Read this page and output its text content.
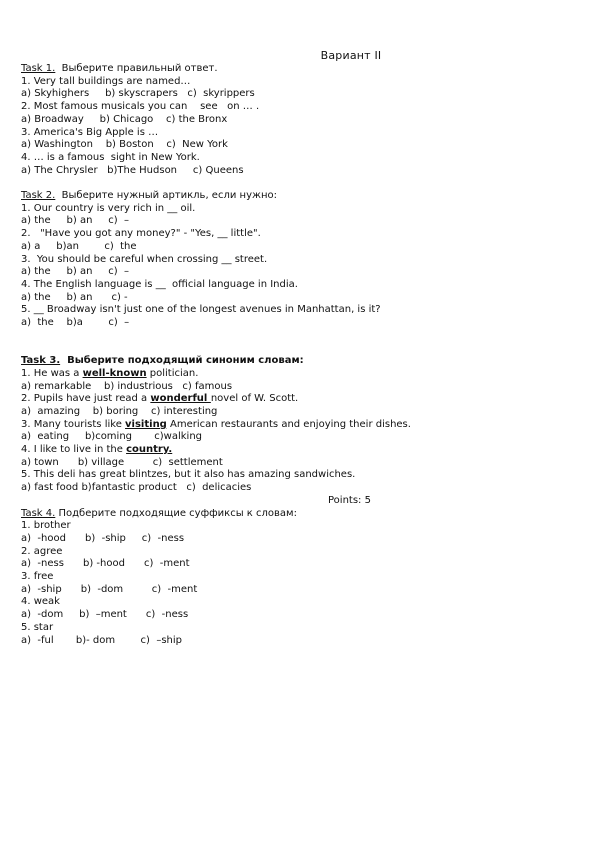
Вариант II
Task 1.  Выберите правильный ответ.
1. Very tall buildings are named…
a) Skyhighers     b) skyscrapers   c)  skyrippers
2. Most famous musicals you can    see   on … .
a) Broadway     b) Chicago    c) the Bronx
3. America's Big Apple is …
a) Washington    b) Boston    c)  New York
4. … is a famous  sight in New York.
a) The Chrysler   b)The Hudson     c) Queens
Task 2.  Выберите нужный артикль, если нужно:
1. Our country is very rich in __ oil.
a) the     b) an     c)  –
2.   "Have you got any money?" - "Yes, __ little".
a) a     b)an        c)  the
3.  You should be careful when crossing __ street.
a) the     b) an     c)  –
4. The English language is __  official language in India.
a) the     b) an      c) -
5. __ Broadway isn't just one of the longest avenues in Manhattan, is it?
a)  the    b)a        c)  –
Task 3.  Выберите подходящий синоним словам:
1. He was a well-known politician.
a) remarkable    b) industrious   c) famous
2. Pupils have just read a wonderful novel of W. Scott.
a)  amazing    b) boring    c) interesting
3. Many tourists like visiting American restaurants and enjoying their dishes.
a)  eating     b)coming       c)walking
4. I like to live in the country.
a) town      b) village         c)  settlement
5. This deli has great blintzes, but it also has amazing sandwiches.
a) fast food b)fantastic product   c)  delicacies
Points: 5
Task 4. Подберите подходящие суффиксы к словам:
1. brother
a)  -hood      b)  -ship     c)  -ness
2. agree
a)  -ness      b) -hood      c)  -ment
3. free
a)  -ship      b)  -dom         c)  -ment
4. weak
a)  -dom     b)  –ment      c)  -ness
5. star
a)  -ful       b)- dom        c)  –ship
